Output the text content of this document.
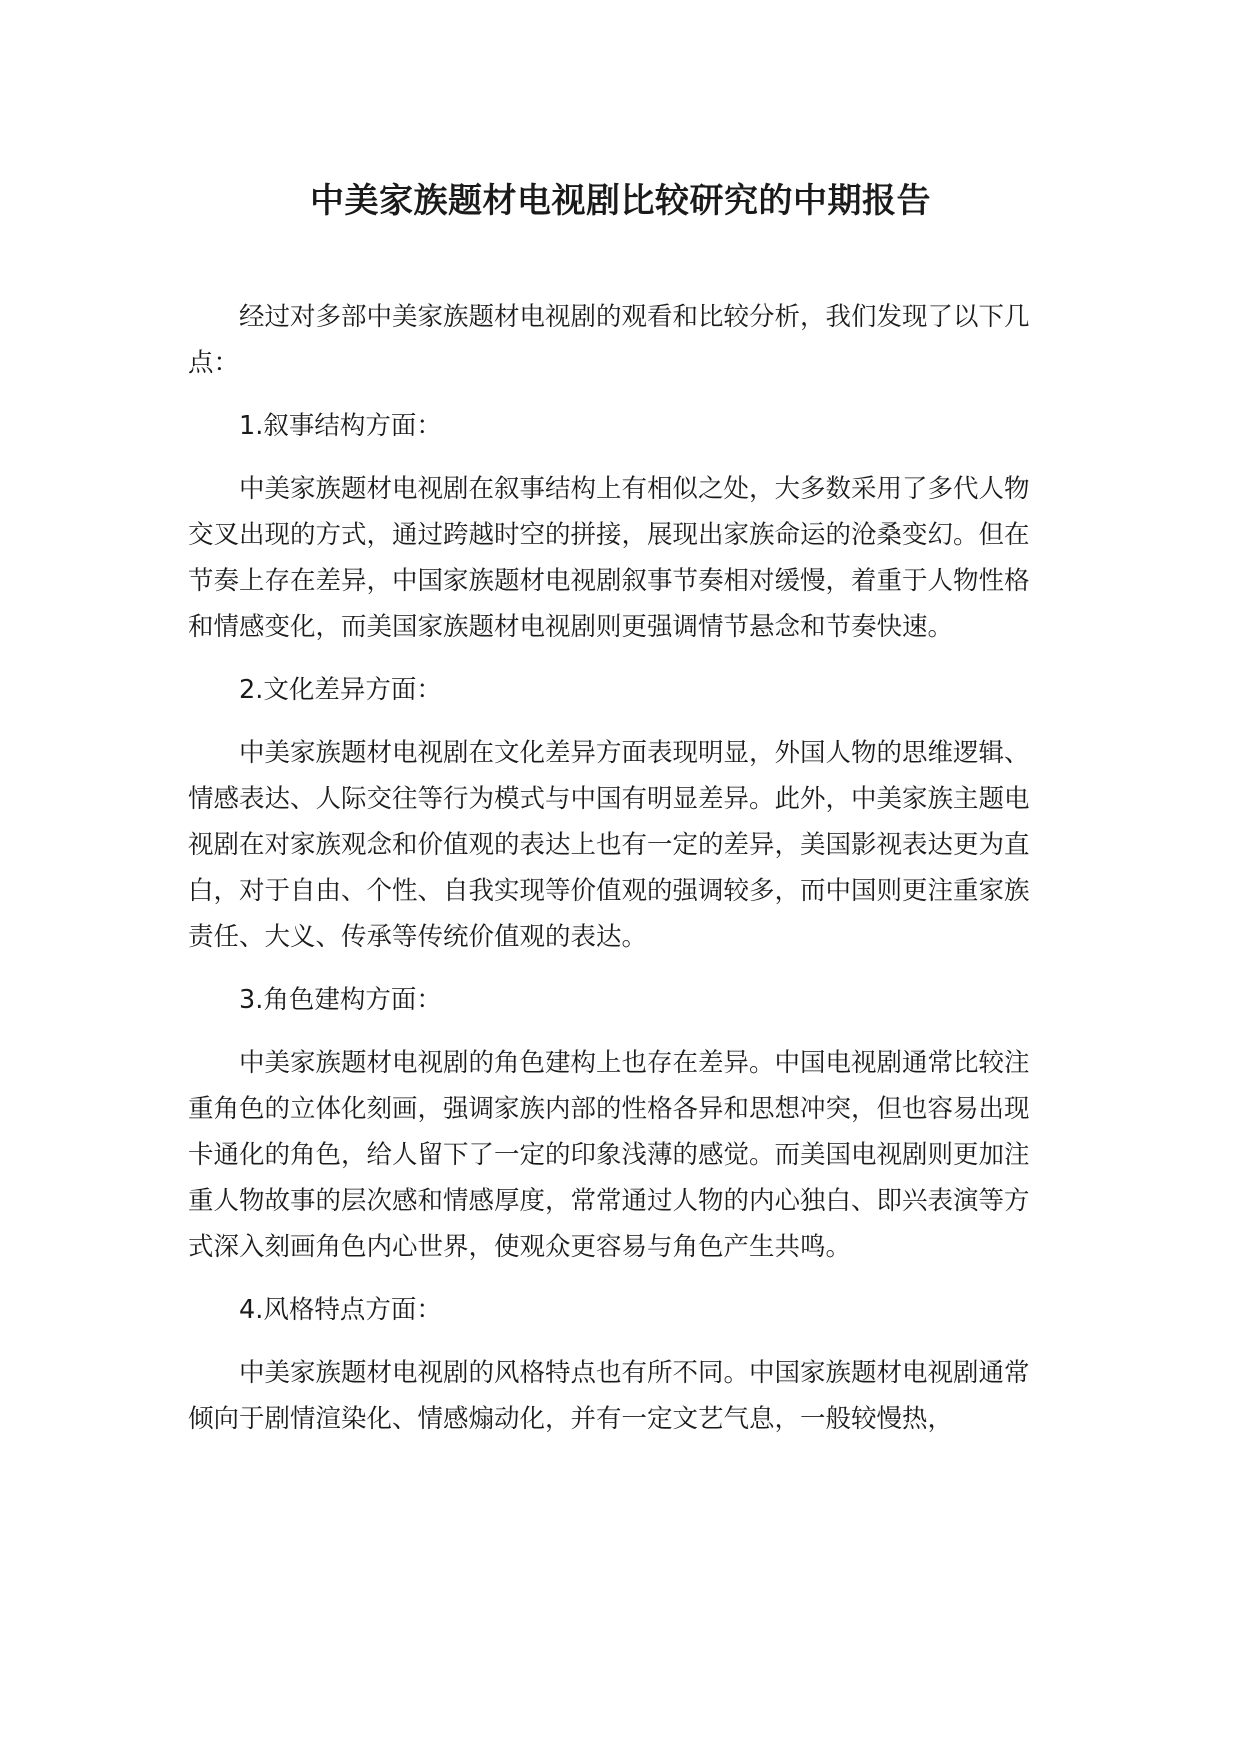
中美家族题材电视剧比较研究的中期报告

经过对多部中美家族题材电视剧的观看和比较分析，我们发现了以下几点：

1.叙事结构方面：

中美家族题材电视剧在叙事结构上有相似之处，大多数采用了多代人物交叉出现的方式，通过跨越时空的拼接，展现出家族命运的沧桑变幻。但在节奏上存在差异，中国家族题材电视剧叙事节奏相对缓慢，着重于人物性格和情感变化，而美国家族题材电视剧则更强调情节悬念和节奏快速。

2.文化差异方面：

中美家族题材电视剧在文化差异方面表现明显，外国人物的思维逻辑、情感表达、人际交往等行为模式与中国有明显差异。此外，中美家族主题电视剧在对家族观念和价值观的表达上也有一定的差异，美国影视表达更为直白，对于自由、个性、自我实现等价值观的强调较多，而中国则更注重家族责任、大义、传承等传统价值观的表达。

3.角色建构方面：

中美家族题材电视剧的角色建构上也存在差异。中国电视剧通常比较注重角色的立体化刻画，强调家族内部的性格各异和思想冲突，但也容易出现卡通化的角色，给人留下了一定的印象浅薄的感觉。而美国电视剧则更加注重人物故事的层次感和情感厚度，常常通过人物的内心独白、即兴表演等方式深入刻画角色内心世界，使观众更容易与角色产生共鸣。

4.风格特点方面：

中美家族题材电视剧的风格特点也有所不同。中国家族题材电视剧通常倾向于剧情渲染化、情感煽动化，并有一定文艺气息，一般较慢热，
